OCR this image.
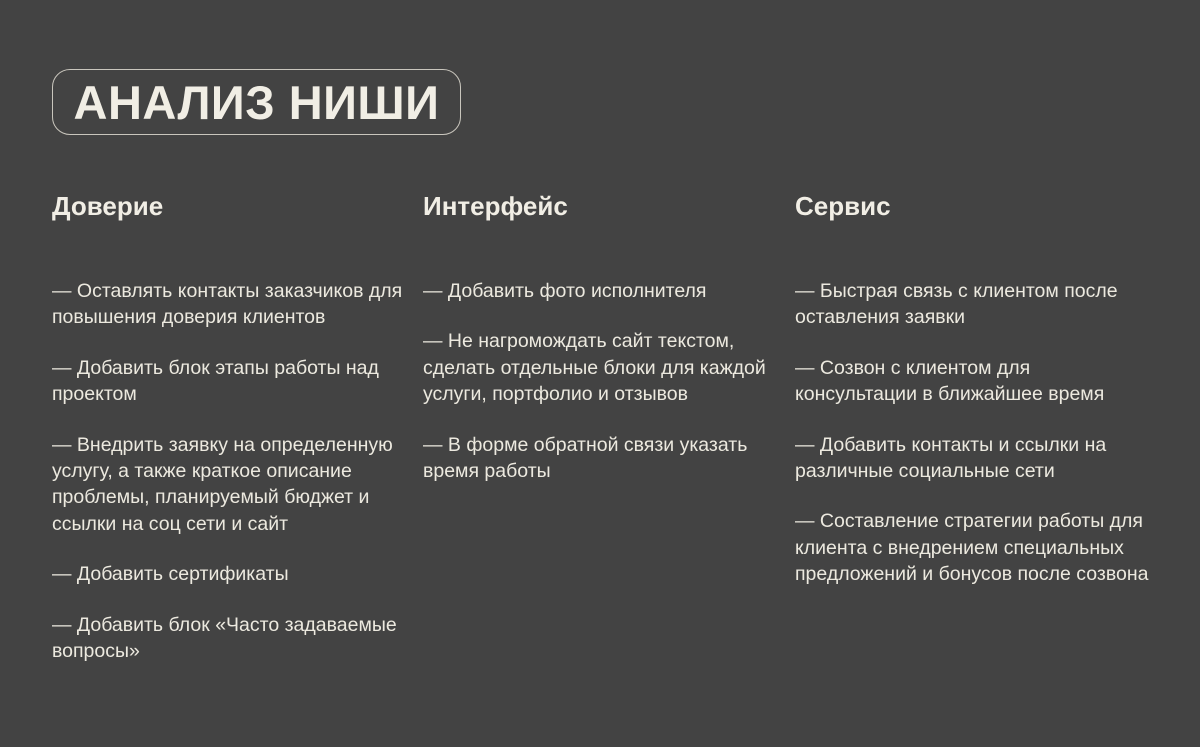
АНАЛИЗ НИШИ
Доверие
— Оставлять контакты заказчиков для повышения доверия клиентов
— Добавить блок этапы работы над проектом
— Внедрить заявку на определенную услугу, а также краткое описание проблемы, планируемый бюджет и ссылки на соц сети и сайт
— Добавить сертификаты
— Добавить блок «Часто задаваемые вопросы»
Интерфейс
— Добавить фото исполнителя
— Не нагромождать сайт текстом, сделать отдельные блоки для каждой услуги, портфолио и отзывов
— В форме обратной связи указать время работы
Сервис
— Быстрая связь с клиентом после оставления заявки
— Созвон с клиентом для консультации в ближайшее время
— Добавить контакты и ссылки на различные социальные сети
— Составление стратегии работы для клиента с внедрением специальных предложений и бонусов после созвона
